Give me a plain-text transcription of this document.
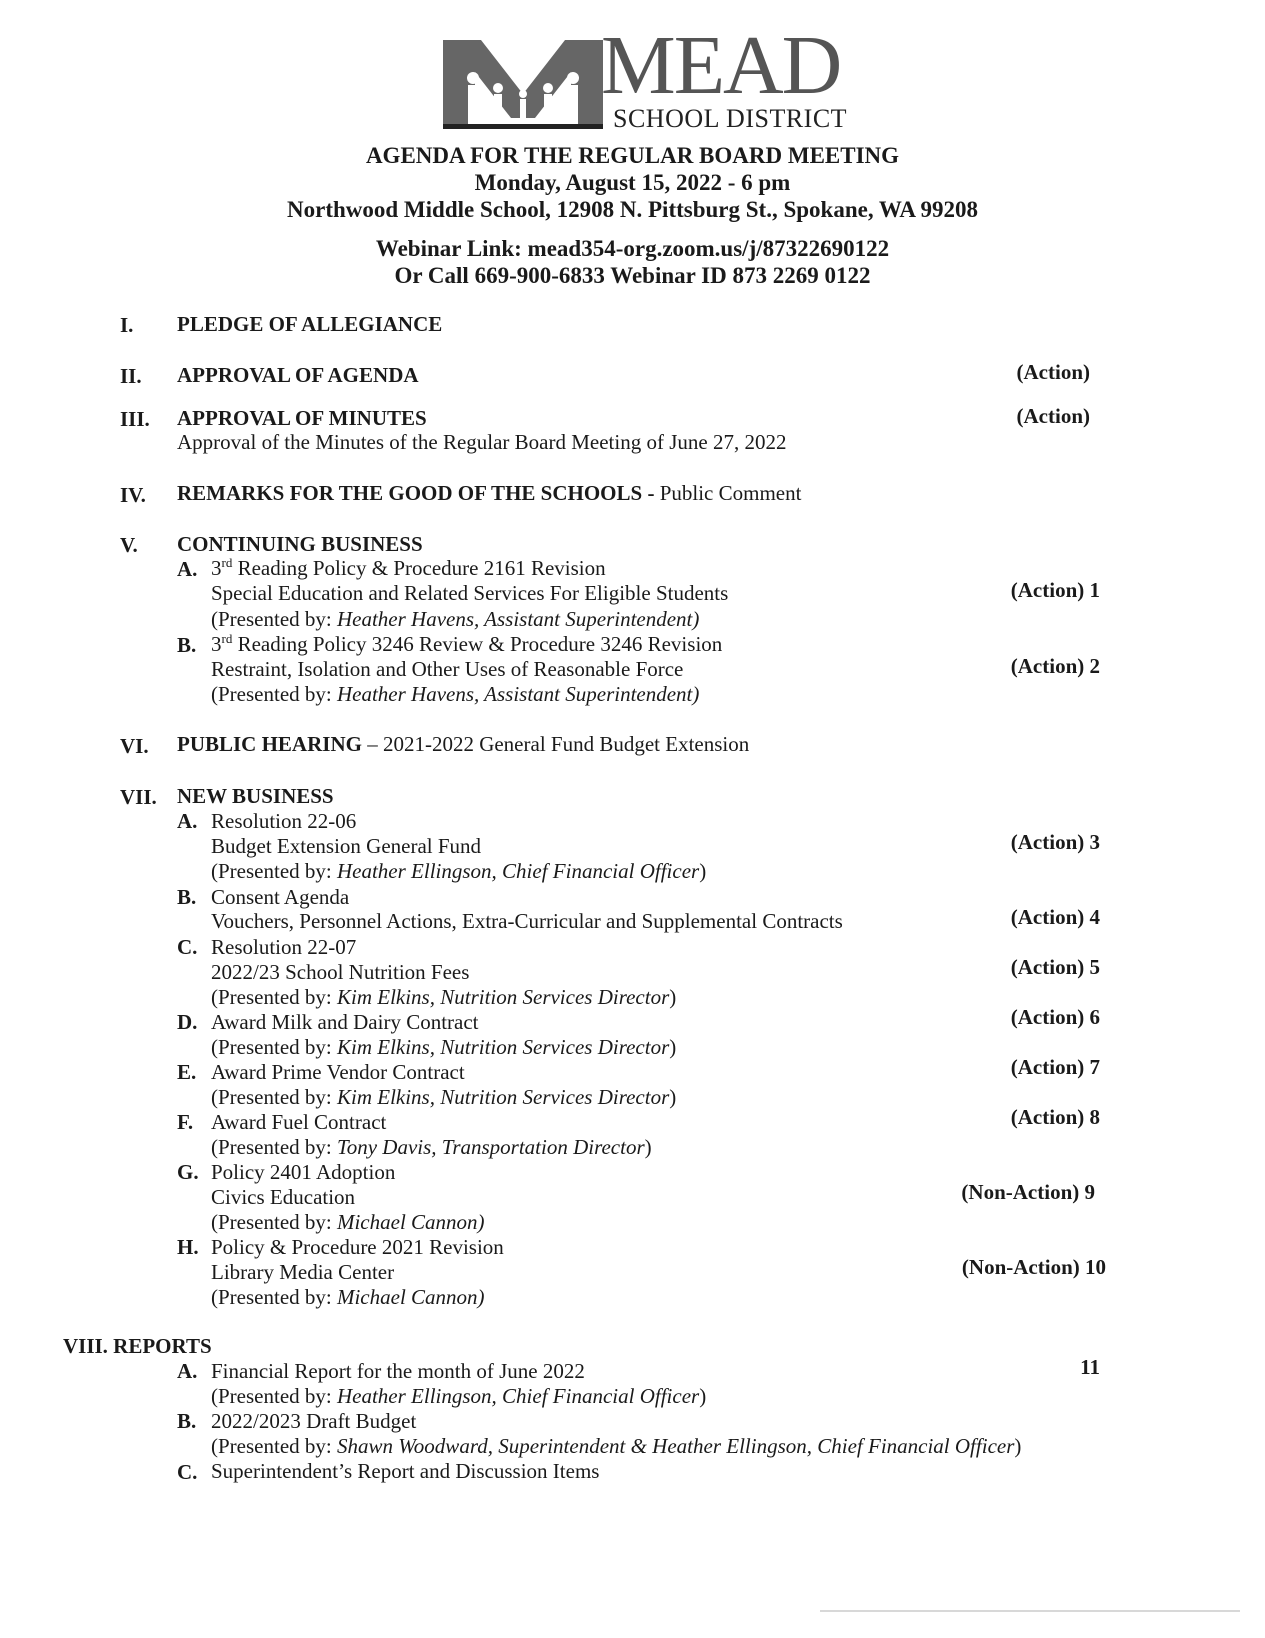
MEAD
SCHOOL DISTRICT
AGENDA FOR THE REGULAR BOARD MEETING
Monday, August 15, 2022 - 6 pm
Northwood Middle School, 12908 N. Pittsburg St., Spokane, WA 99208
Webinar Link: mead354-org.zoom.us/j/87322690122
Or Call 669-900-6833 Webinar ID 873 2269 0122
I. PLEDGE OF ALLEGIANCE
II. APPROVAL OF AGENDA	(Action)
III. APPROVAL OF MINUTES	(Action)
Approval of the Minutes of the Regular Board Meeting of June 27, 2022
IV. REMARKS FOR THE GOOD OF THE SCHOOLS - Public Comment
V. CONTINUING BUSINESS
A. 3rd Reading Policy & Procedure 2161 Revision
Special Education and Related Services For Eligible Students	(Action) 1
(Presented by: Heather Havens, Assistant Superintendent)
B. 3rd Reading Policy 3246 Review & Procedure 3246 Revision
Restraint, Isolation and Other Uses of Reasonable Force	(Action) 2
(Presented by: Heather Havens, Assistant Superintendent)
VI. PUBLIC HEARING – 2021-2022 General Fund Budget Extension
VII. NEW BUSINESS
A. Resolution 22-06
Budget Extension General Fund	(Action) 3
(Presented by: Heather Ellingson, Chief Financial Officer)
B. Consent Agenda
Vouchers, Personnel Actions, Extra-Curricular and Supplemental Contracts	(Action) 4
C. Resolution 22-07
2022/23 School Nutrition Fees	(Action) 5
(Presented by: Kim Elkins, Nutrition Services Director)
D. Award Milk and Dairy Contract	(Action) 6
(Presented by: Kim Elkins, Nutrition Services Director)
E. Award Prime Vendor Contract	(Action) 7
(Presented by: Kim Elkins, Nutrition Services Director)
F. Award Fuel Contract	(Action) 8
(Presented by: Tony Davis, Transportation Director)
G. Policy 2401 Adoption
Civics Education	(Non-Action) 9
(Presented by: Michael Cannon)
H. Policy & Procedure 2021 Revision
Library Media Center	(Non-Action) 10
(Presented by: Michael Cannon)
VIII. REPORTS
A. Financial Report for the month of June 2022	11
(Presented by: Heather Ellingson, Chief Financial Officer)
B. 2022/2023 Draft Budget
(Presented by: Shawn Woodward, Superintendent & Heather Ellingson, Chief Financial Officer)
C. Superintendent’s Report and Discussion Items
